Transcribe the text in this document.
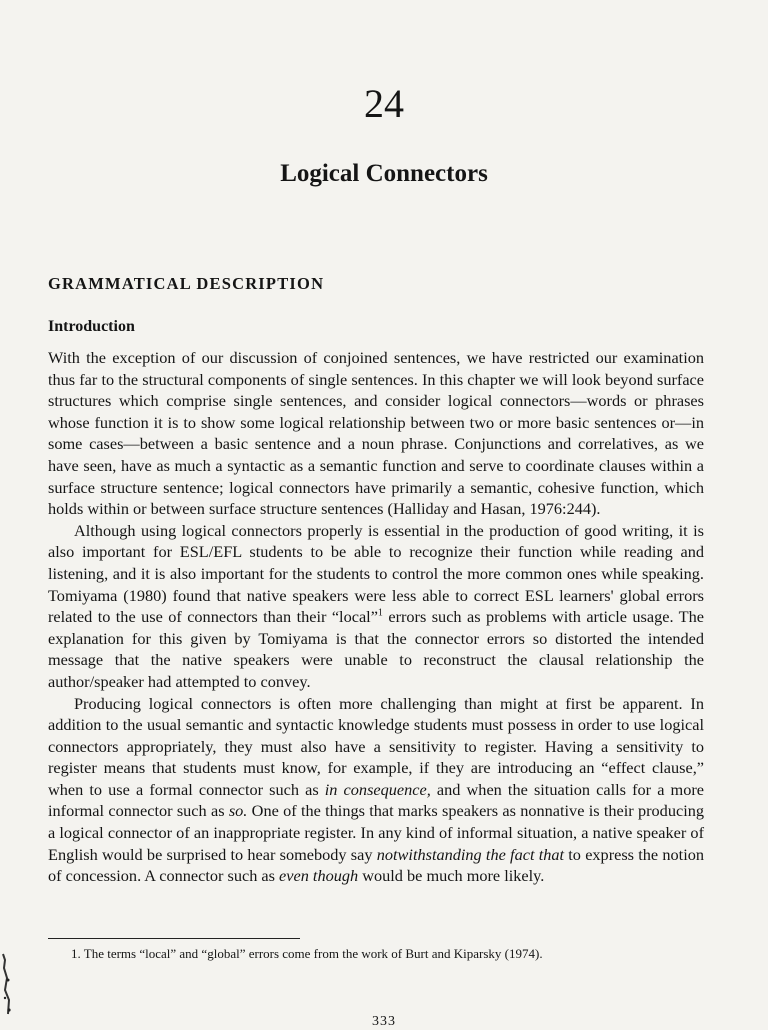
24
Logical Connectors
GRAMMATICAL DESCRIPTION
Introduction

With the exception of our discussion of conjoined sentences, we have restricted our examination thus far to the structural components of single sentences. In this chapter we will look beyond surface structures which comprise single sentences, and consider logical connectors—words or phrases whose function it is to show some logical relationship between two or more basic sentences or—in some cases—between a basic sentence and a noun phrase. Conjunctions and correlatives, as we have seen, have as much a syntactic as a semantic function and serve to coordinate clauses within a surface structure sentence; logical connectors have primarily a semantic, cohesive function, which holds within or between surface structure sentences (Halliday and Hasan, 1976:244).

Although using logical connectors properly is essential in the production of good writing, it is also important for ESL/EFL students to be able to recognize their function while reading and listening, and it is also important for the students to control the more common ones while speaking. Tomiyama (1980) found that native speakers were less able to correct ESL learners' global errors related to the use of connectors than their “local”$^1$ errors such as problems with article usage. The explanation for this given by Tomiyama is that the connector errors so distorted the intended message that the native speakers were unable to reconstruct the clausal relationship the author/speaker had attempted to convey.

Producing logical connectors is often more challenging than might at first be apparent. In addition to the usual semantic and syntactic knowledge students must possess in order to use logical connectors appropriately, they must also have a sensitivity to register. Having a sensitivity to register means that students must know, for example, if they are introducing an “effect clause,” when to use a formal connector such as in consequence, and when the situation calls for a more informal connector such as so. One of the things that marks speakers as nonnative is their producing a logical connector of an inappropriate register. In any kind of informal situation, a native speaker of English would be surprised to hear somebody say notwithstanding the fact that to express the notion of concession. A connector such as even though would be much more likely.

1. The terms “local” and “global” errors come from the work of Burt and Kiparsky (1974).
333
